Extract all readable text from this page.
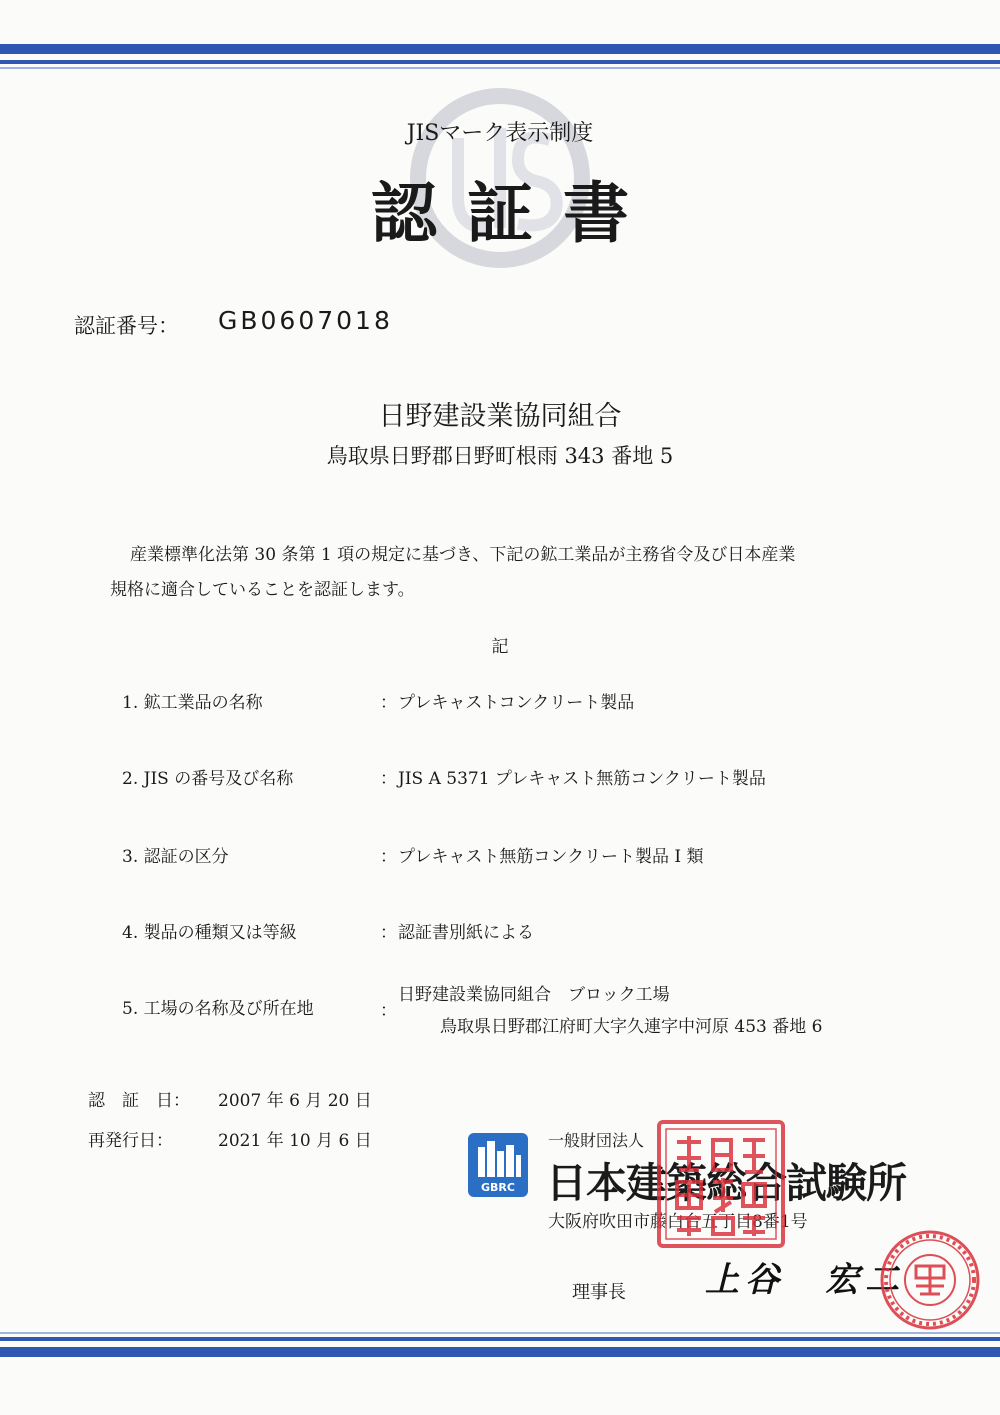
JISマーク表示制度
認証書
認証番号： GB0607018
日野建設業協同組合
鳥取県日野郡日野町根雨 343 番地 5

産業標準化法第 30 条第 1 項の規定に基づき、下記の鉱工業品が主務省令及び日本産業

規格に適合していることを認証します。

記
1. 鉱工業品の名称	： プレキャストコンクリート製品
2. JIS の番号及び名称	： JIS A 5371 プレキャスト無筋コンクリート製品
3. 認証の区分	： プレキャスト無筋コンクリート製品 Ⅰ 類
4. 製品の種類又は等級	： 認証書別紙による
5. 工場の名称及び所在地	：
日野建設業協同組合　ブロック工場
鳥取県日野郡江府町大字久連字中河原 453 番地 6
認　証　日： 2007 年 6 月 20 日
再発行日：	2021 年 10 月 6 日
GBRC
一般財団法人
日本建築総合試験所
大阪府吹田市藤白台五丁目8番1号
理事長 上谷　宏二
